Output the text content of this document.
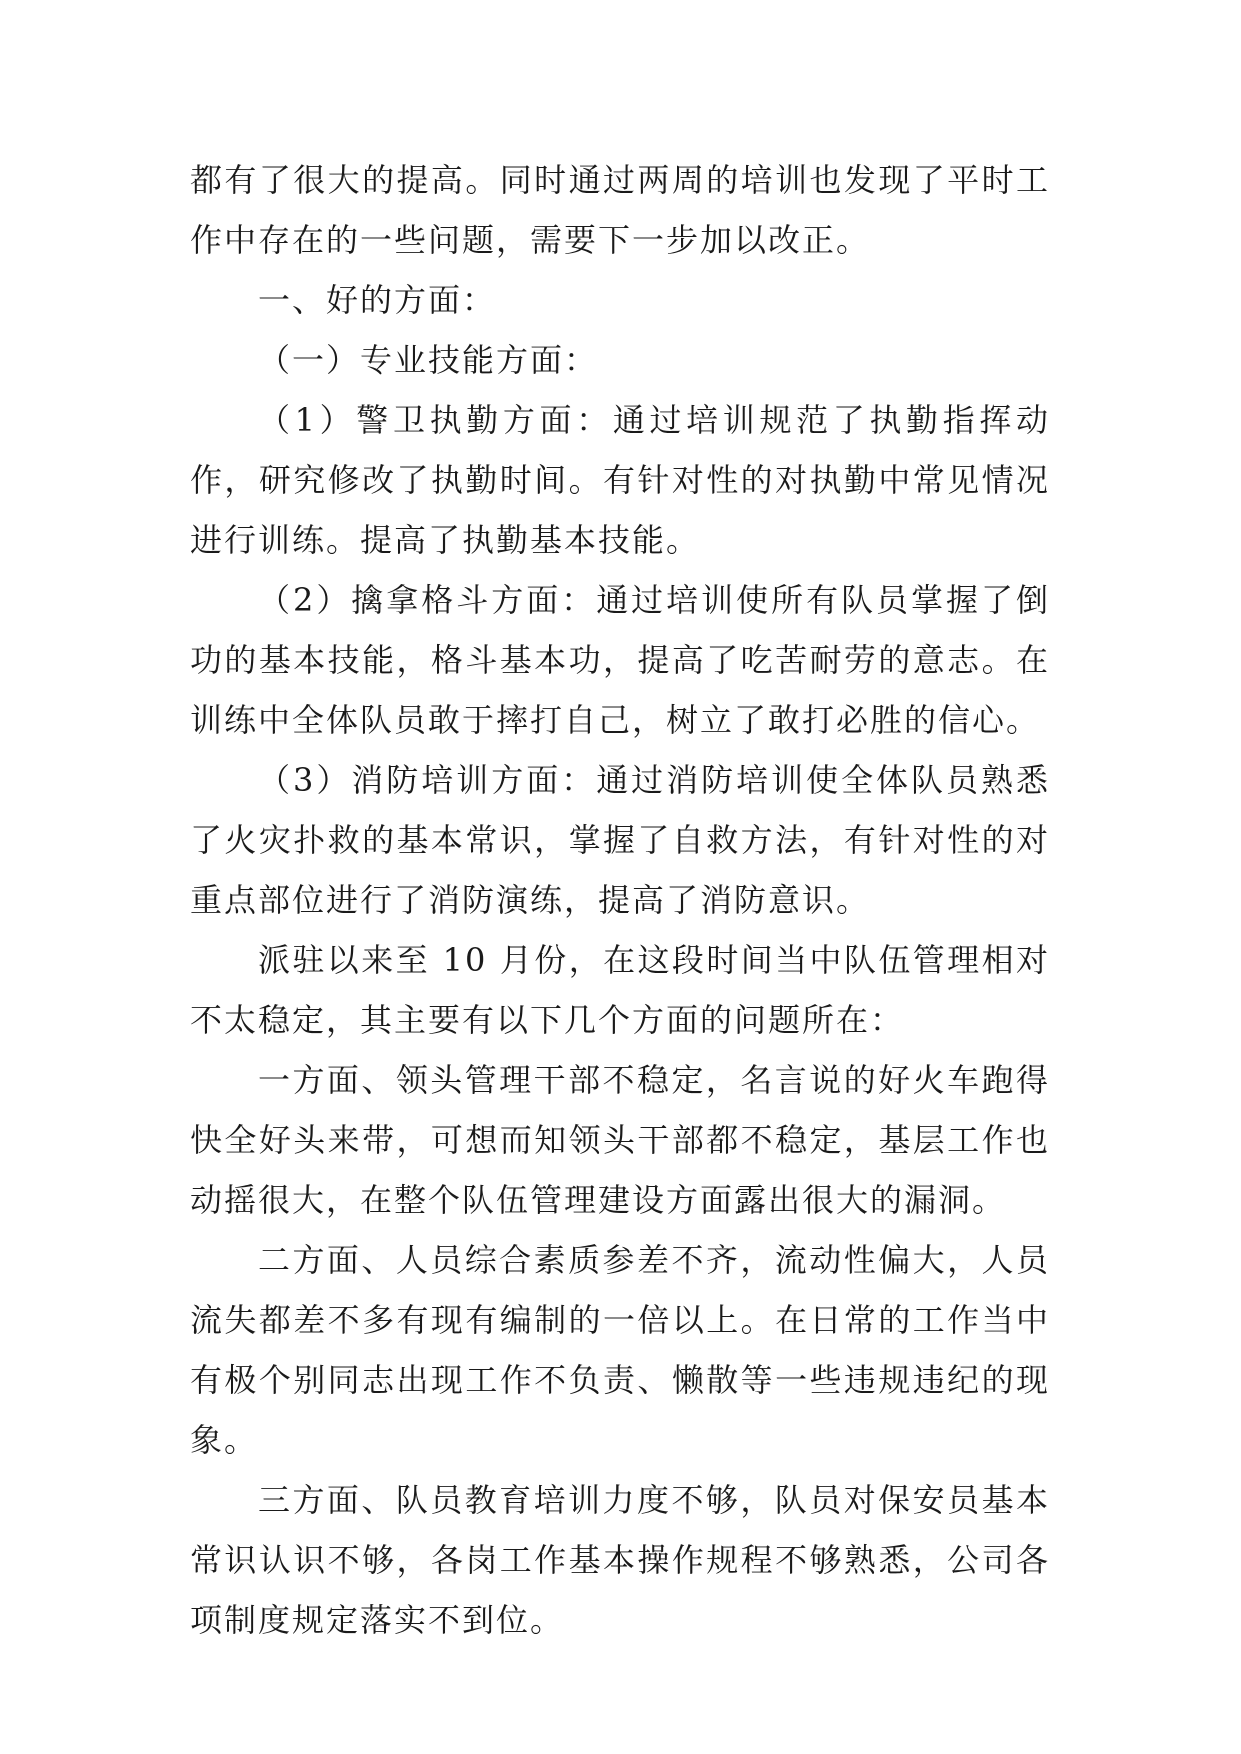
都有了很大的提高。同时通过两周的培训也发现了平时工作中存在的一些问题，需要下一步加以改正。

一、好的方面：

（一）专业技能方面：

（1）警卫执勤方面：通过培训规范了执勤指挥动作，研究修改了执勤时间。有针对性的对执勤中常见情况进行训练。提高了执勤基本技能。

（2）擒拿格斗方面：通过培训使所有队员掌握了倒功的基本技能，格斗基本功，提高了吃苦耐劳的意志。在训练中全体队员敢于摔打自己，树立了敢打必胜的信心。

（3）消防培训方面：通过消防培训使全体队员熟悉了火灾扑救的基本常识，掌握了自救方法，有针对性的对重点部位进行了消防演练，提高了消防意识。

派驻以来至 10 月份，在这段时间当中队伍管理相对不太稳定，其主要有以下几个方面的问题所在：

一方面、领头管理干部不稳定，名言说的好火车跑得快全好头来带，可想而知领头干部都不稳定，基层工作也动摇很大，在整个队伍管理建设方面露出很大的漏洞。

二方面、人员综合素质参差不齐，流动性偏大，人员流失都差不多有现有编制的一倍以上。在日常的工作当中有极个别同志出现工作不负责、懒散等一些违规违纪的现象。

三方面、队员教育培训力度不够，队员对保安员基本常识认识不够，各岗工作基本操作规程不够熟悉，公司各项制度规定落实不到位。
